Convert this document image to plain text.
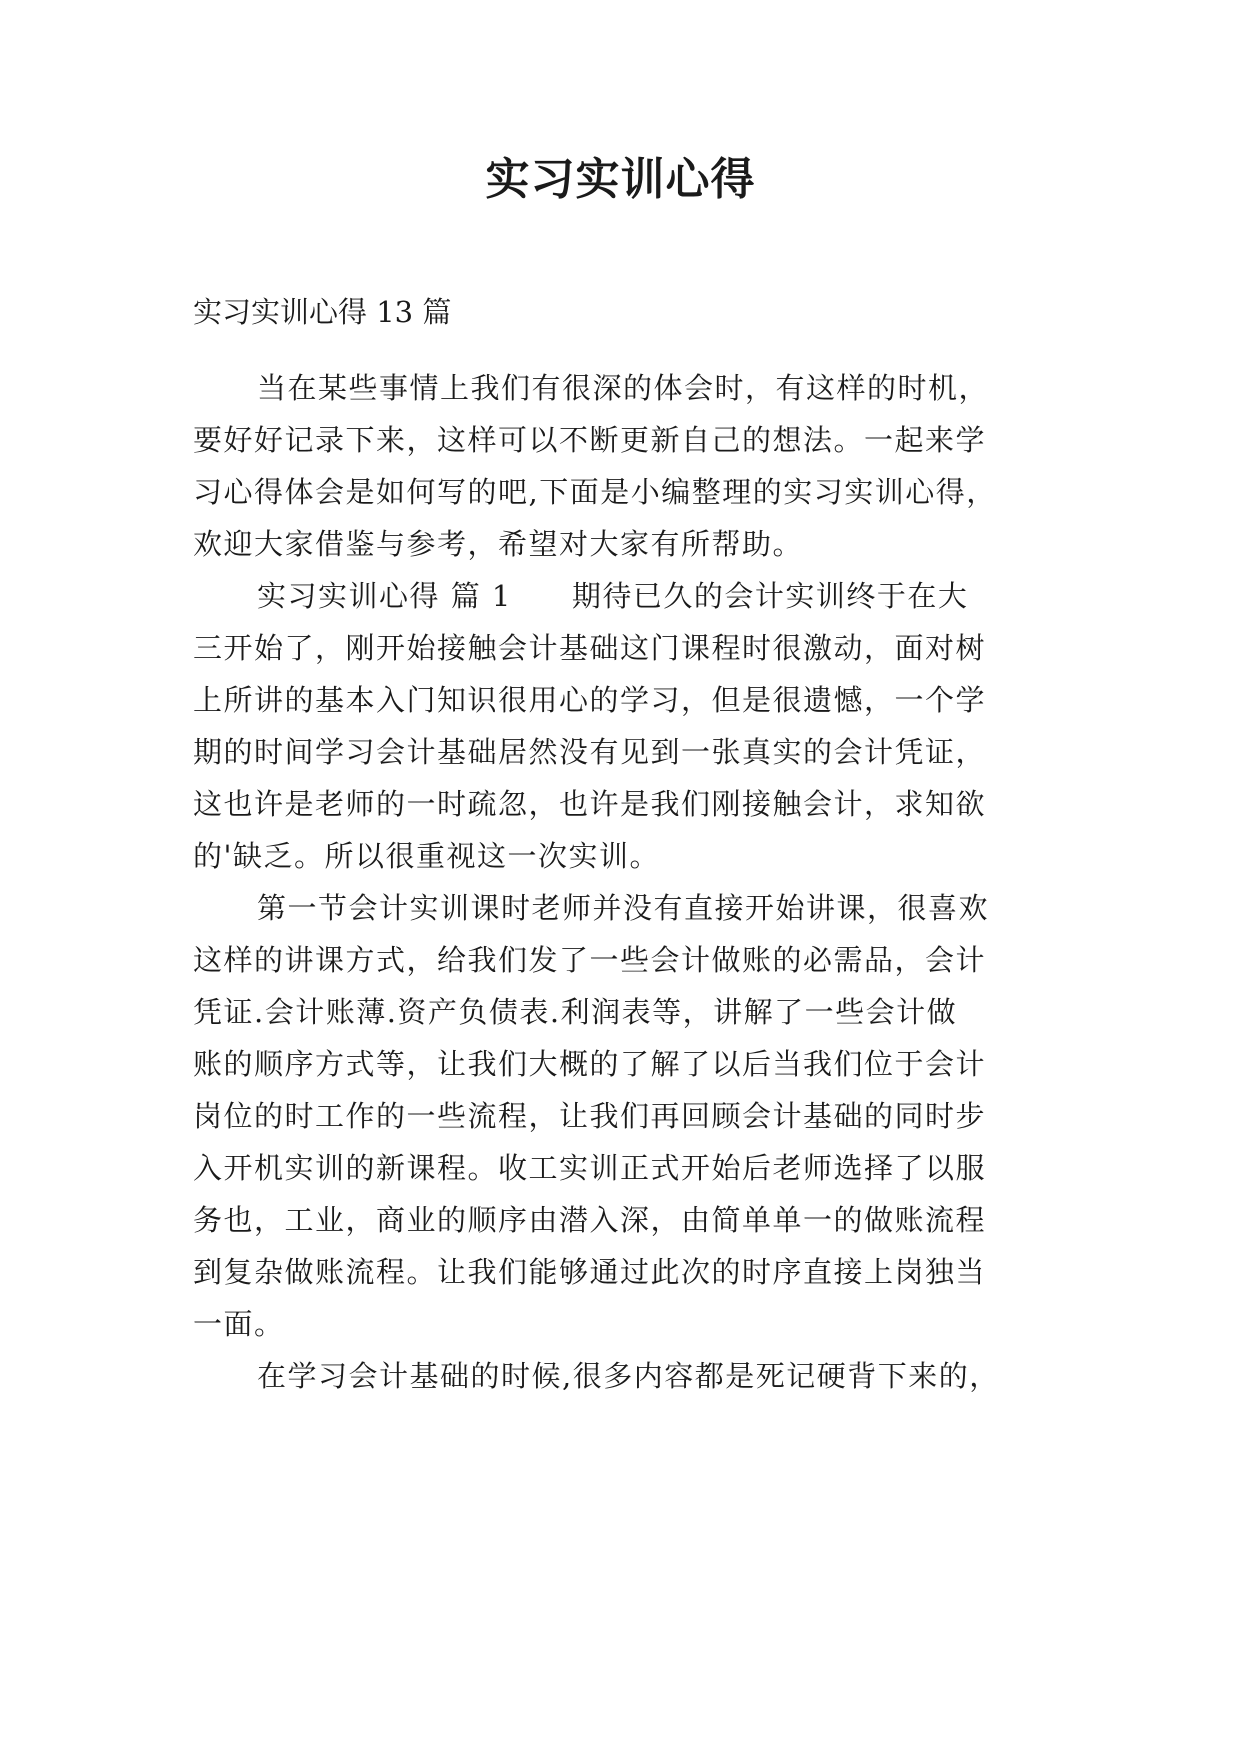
实习实训心得

实习实训心得 13 篇

当在某些事情上我们有很深的体会时，有这样的时机，

要好好记录下来，这样可以不断更新自己的想法。一起来学

习心得体会是如何写的吧,下面是小编整理的实习实训心得，

欢迎大家借鉴与参考，希望对大家有所帮助。

实习实训心得 篇 1 期待已久的会计实训终于在大

三开始了，刚开始接触会计基础这门课程时很激动，面对树

上所讲的基本入门知识很用心的学习，但是很遗憾，一个学

期的时间学习会计基础居然没有见到一张真实的会计凭证，

这也许是老师的一时疏忽，也许是我们刚接触会计，求知欲

的'缺乏。所以很重视这一次实训。

第一节会计实训课时老师并没有直接开始讲课，很喜欢

这样的讲课方式，给我们发了一些会计做账的必需品，会计

凭证.会计账薄.资产负债表.利润表等，讲解了一些会计做

账的顺序方式等，让我们大概的了解了以后当我们位于会计

岗位的时工作的一些流程，让我们再回顾会计基础的同时步

入开机实训的新课程。收工实训正式开始后老师选择了以服

务也，工业，商业的顺序由潜入深，由简单单一的做账流程

到复杂做账流程。让我们能够通过此次的时序直接上岗独当

一面。

在学习会计基础的时候,很多内容都是死记硬背下来的，
